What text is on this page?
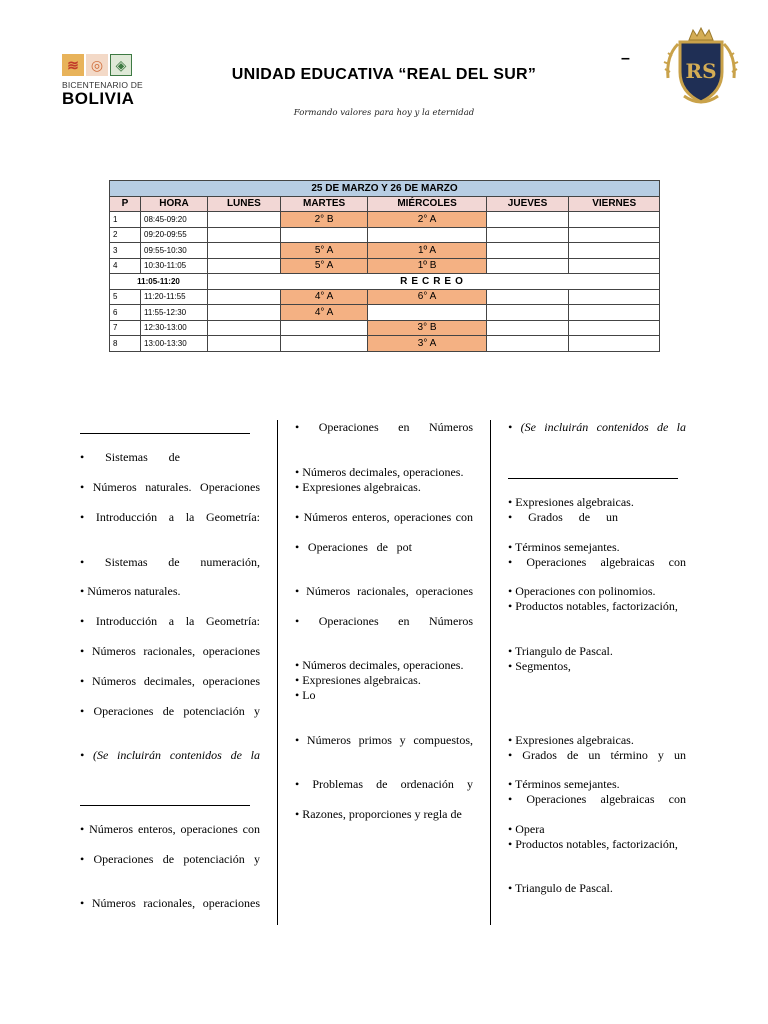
≋ ◎ ◈
BICENTENARIO DE
BOLIVIA
UNIDAD EDUCATIVA “REAL DEL SUR”
–
Formando valores para hoy y la eternidad
RS
25 DE MARZO Y 26 DE MARZO						
P	HORA	LUNES	MARTES	MIÉRCOLES	JUEVES	VIERNES
1	08:45-09:20		2° B	2° A		
2	09:20-09:55					
3	09:55-10:30		5° A	1º A		
4	10:30-11:05		5° A	1º B		
11:05-11:20		RECREO				
5	11:20-11:55		4° A	6° A		
6	11:55-12:30		4° A			
7	12:30-13:00			3° B		
8	13:00-13:30			3° A		
• Sistemas de
• Números naturales. Operaciones
• Introducción a la Geometría:
• Sistemas de numeración,
• Números naturales.
• Introducción a la Geometría:
• Números racionales, operaciones
• Números decimales, operaciones
• Operaciones de potenciación y
• (Se incluirán contenidos de la
• Números enteros, operaciones con
• Operaciones de potenciación y
• Números racionales, operaciones
• Operaciones en Números
• Números decimales, operaciones.
• Expresiones algebraicas.
• Números enteros, operaciones con
• Operaciones de pot
• Números racionales, operaciones
• Operaciones en Números
• Números decimales, operaciones.
• Expresiones algebraicas.
• Lo
• Números primos y compuestos,
• Problemas de ordenación y
• Razones, proporciones y regla de
• (Se incluirán contenidos de la
• Expresiones algebraicas.
• Grados de un
• Términos semejantes.
• Operaciones algebraicas con
• Operaciones con polinomios.
• Productos notables, factorización,
• Triangulo de Pascal.
• Segmentos,
• Expresiones algebraicas.
• Grados de un término y un
• Términos semejantes.
• Operaciones algebraicas con
• Opera
• Productos notables, factorización,
• Triangulo de Pascal.
